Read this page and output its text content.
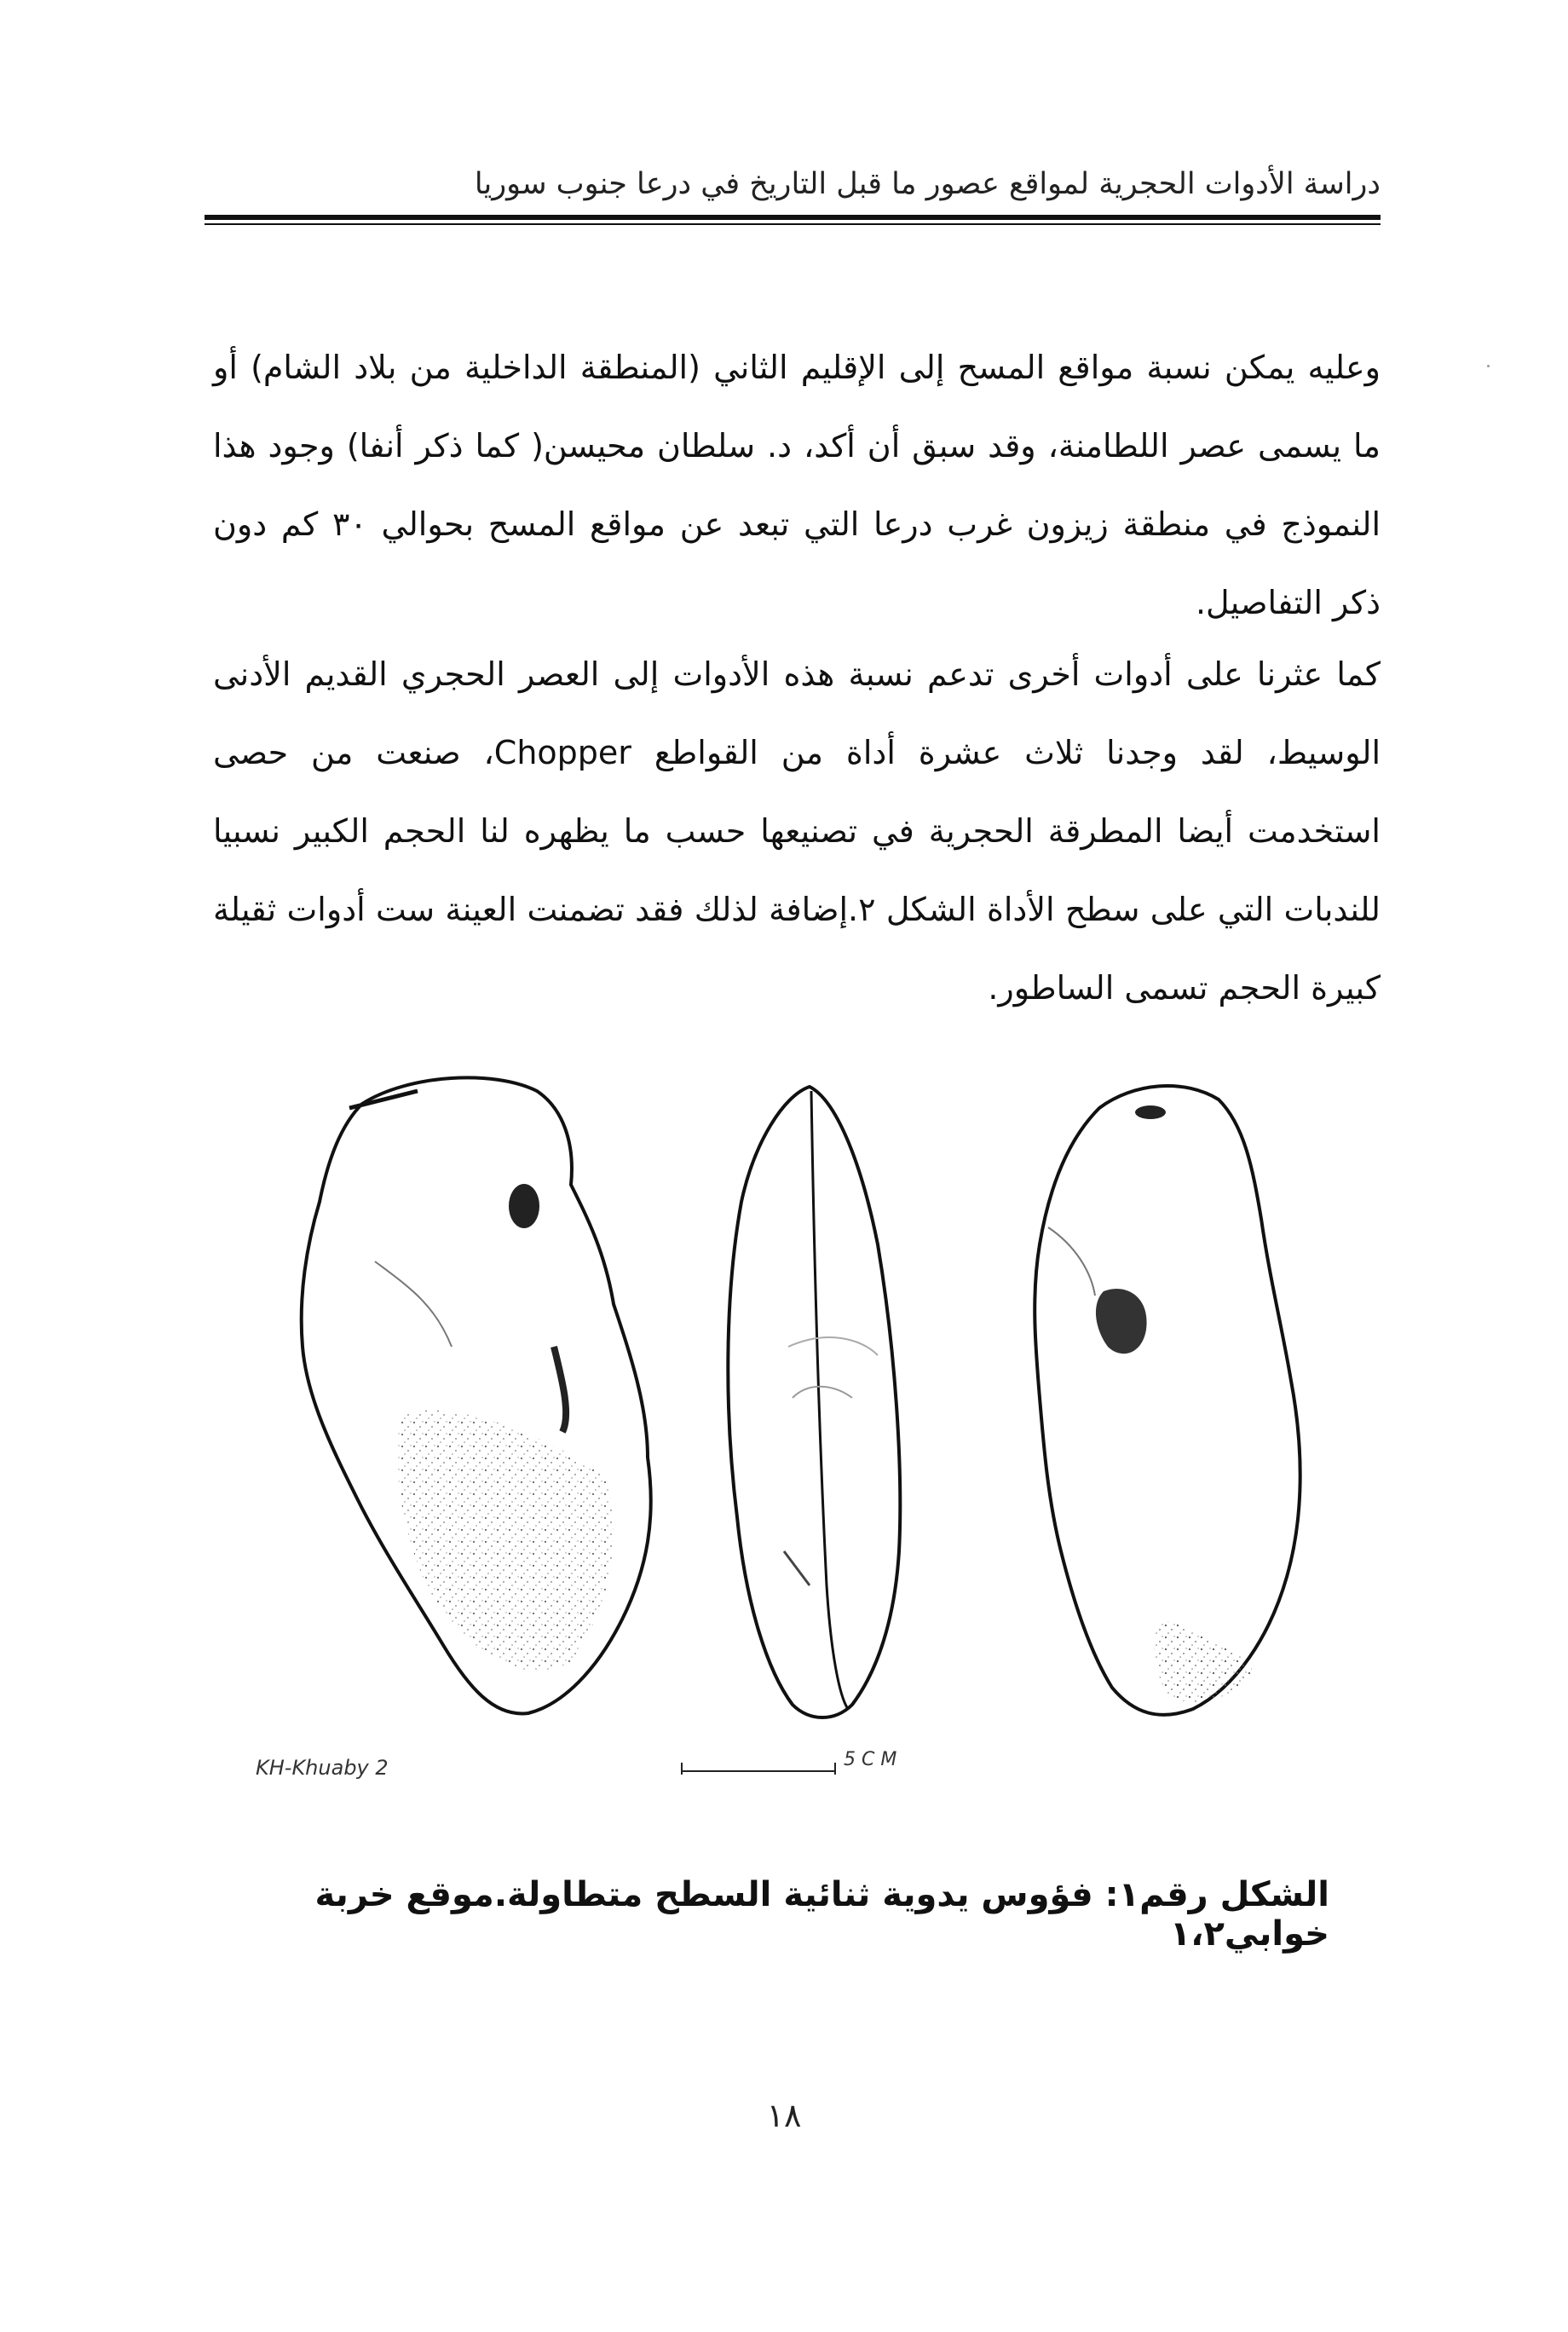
دراسة الأدوات الحجرية لمواقع عصور ما قبل التاريخ في درعا جنوب سوريا

وعليه يمكن نسبة مواقع المسح إلى الإقليم الثاني (المنطقة الداخلية من بلاد الشام) أو ما يسمى عصر اللطامنة، وقد سبق أن أكد، د. سلطان محيسن( كما ذكر أنفا) وجود هذا النموذج في منطقة زيزون غرب درعا التي تبعد عن مواقع المسح بحوالي ٣٠ كم دون ذكر التفاصيل.

كما عثرنا على أدوات أخرى تدعم نسبة هذه الأدوات إلى العصر الحجري القديم الأدنى الوسيط، لقد وجدنا ثلاث عشرة أداة من القواطع Chopper، صنعت من حصى استخدمت أيضا المطرقة الحجرية في تصنيعها حسب ما يظهره لنا الحجم الكبير نسبيا للندبات التي على سطح الأداة الشكل ٢.إضافة لذلك فقد تضمنت العينة ست أدوات ثقيلة كبيرة الحجم تسمى الساطور.

KH-Khuaby 2	5 C M
الشكل رقم١: فؤوس يدوية ثنائية السطح متطاولة.موقع خربة خوابي١،٢
١٨
